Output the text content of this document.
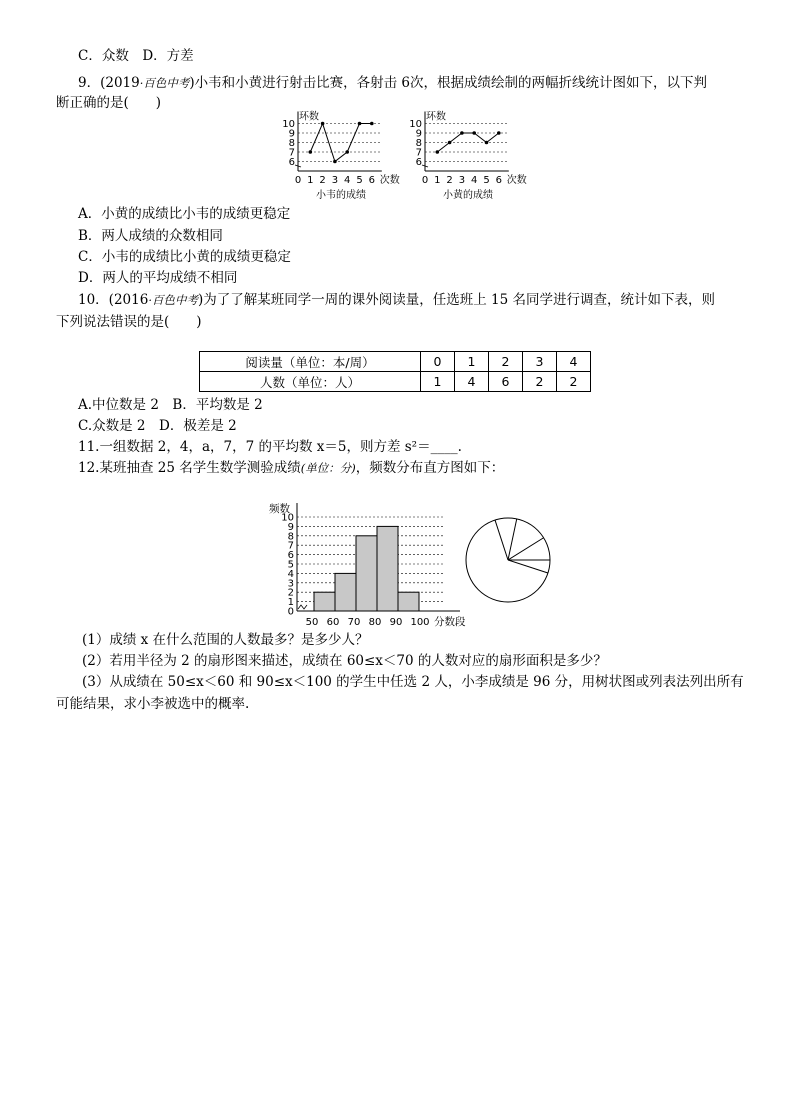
C．众数　D．方差
9．(2019·百色中考)小韦和小黄进行射击比赛，各射击 6次，根据成绩绘制的两幅折线统计图如下，以下判
断正确的是(　　)
6
7
8
9
10
0 1 2 3 4 5 6
环数
次数
小韦的成绩
6
7
8
9
10
0 1 2 3 4 5 6
环数
次数
小黄的成绩
0
1
2
3
4
5
6
7
8
9
10
频数
50 60 70 80 90 100 分数段
A．小黄的成绩比小韦的成绩更稳定
B．两人成绩的众数相同
C．小韦的成绩比小黄的成绩更稳定
D．两人的平均成绩不相同
10．(2016·百色中考)为了了解某班同学一周的课外阅读量，任选班上 15 名同学进行调查，统计如下表，则
下列说法错误的是(　　)
阅读量（单位：本/周）	0	1	2	3	4
人数（单位：人）	1	4	6	2	2
A.中位数是 2　B．平均数是 2
C.众数是 2　D．极差是 2
11.一组数据 2，4，a，7，7 的平均数 x＝5，则方差 s²＝____.
12.某班抽查 25 名学生数学测验成绩(单位：分)，频数分布直方图如下：
(1）成绩 x 在什么范围的人数最多？是多少人？
(2）若用半径为 2 的扇形图来描述，成绩在 60≤x＜70 的人数对应的扇形面积是多少？
(3）从成绩在 50≤x＜60 和 90≤x＜100 的学生中任选 2 人，小李成绩是 96 分，用树状图或列表法列出所有
可能结果，求小李被选中的概率.
